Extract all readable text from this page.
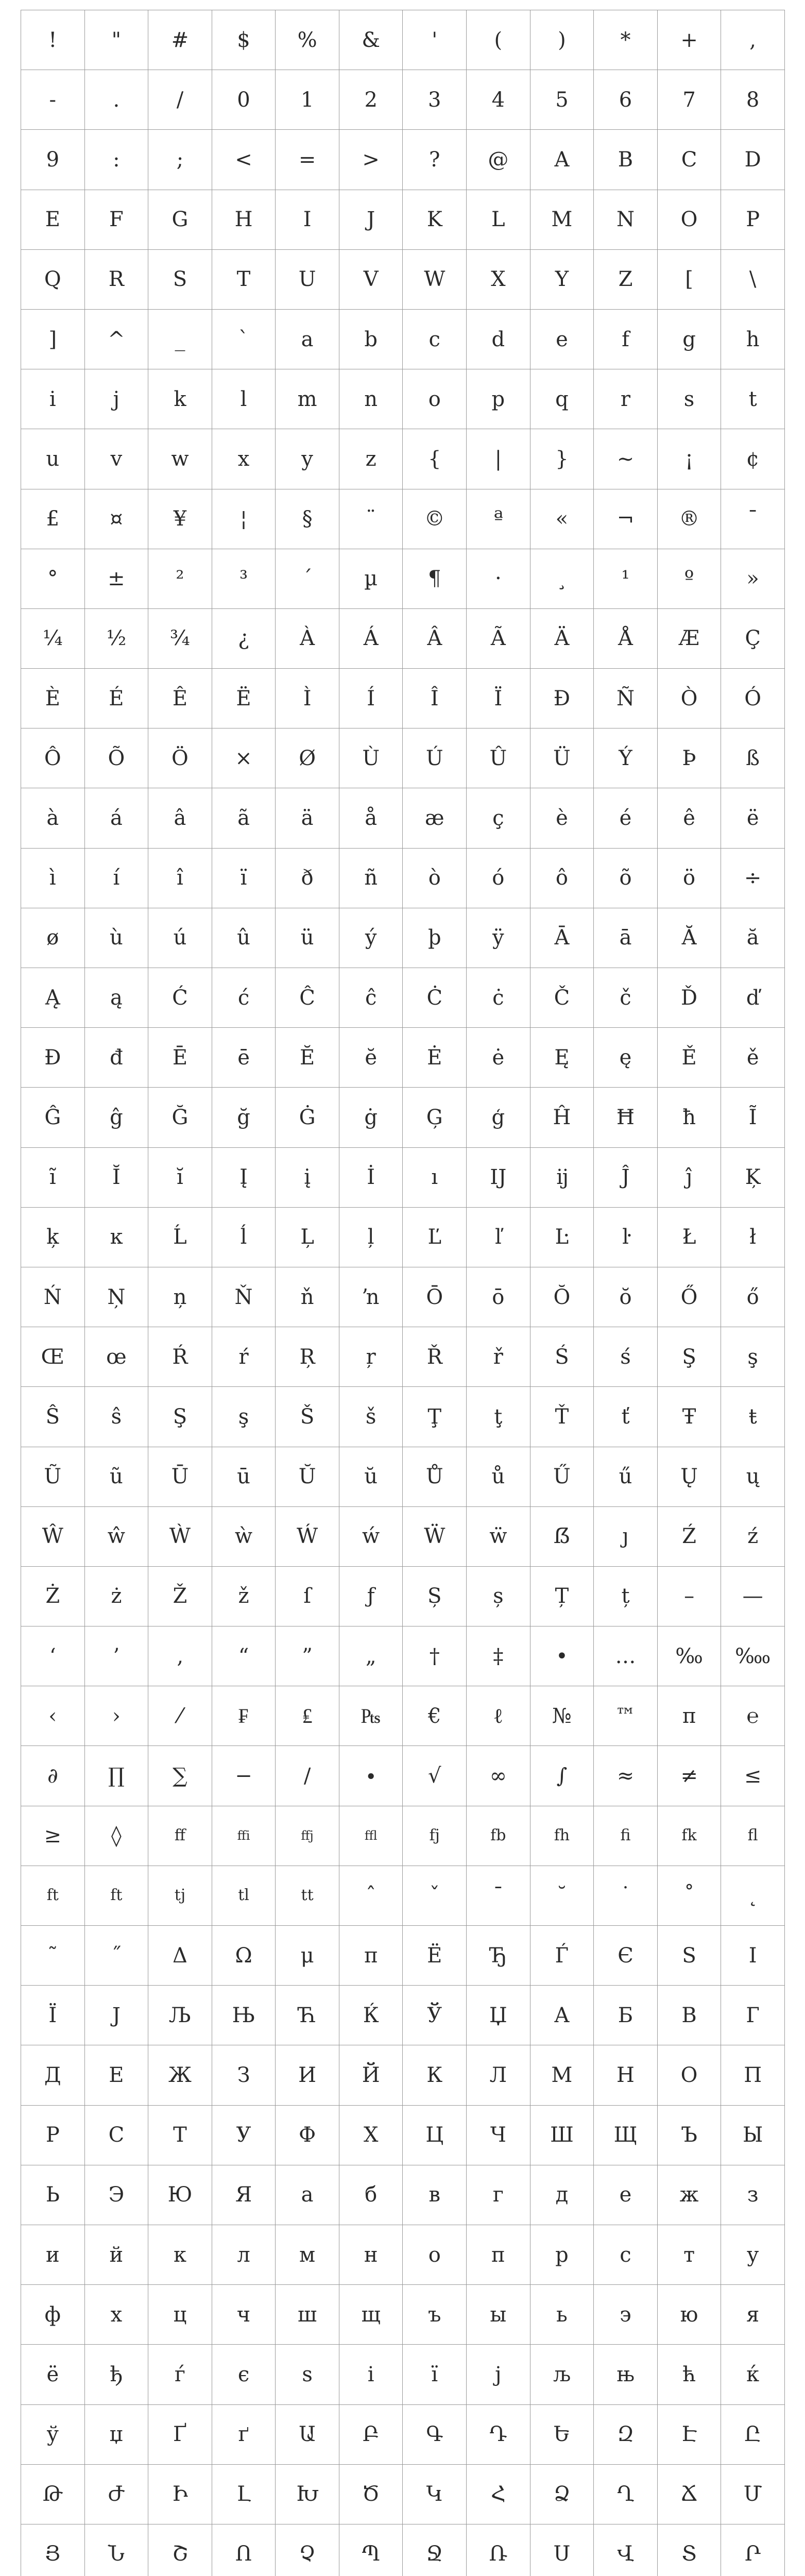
!	"	#	$	%	&	'	(	)	*	+	,
-	.	/	0	1	2	3	4	5	6	7	8
9	:	;	<	=	>	?	@	A	B	C	D
E	F	G	H	I	J	K	L	M	N	O	P
Q	R	S	T	U	V	W	X	Y	Z	[	\
]	^	_	`	a	b	c	d	e	f	g	h
i	j	k	l	m	n	o	p	q	r	s	t
u	v	w	x	y	z	{	|	}	~	¡	¢
£	¤	¥	¦	§	¨	©	ª	«	¬	®	¯
°	±	²	³	´	µ	¶	·	¸	¹	º	»
¼	½	¾	¿	À	Á	Â	Ã	Ä	Å	Æ	Ç
È	É	Ê	Ë	Ì	Í	Î	Ï	Ð	Ñ	Ò	Ó
Ô	Õ	Ö	×	Ø	Ù	Ú	Û	Ü	Ý	Þ	ß
à	á	â	ã	ä	å	æ	ç	è	é	ê	ë
ì	í	î	ï	ð	ñ	ò	ó	ô	õ	ö	÷
ø	ù	ú	û	ü	ý	þ	ÿ	Ā	ā	Ă	ă
Ą	ą	Ć	ć	Ĉ	ĉ	Ċ	ċ	Č	č	Ď	ď
Đ	đ	Ē	ē	Ĕ	ĕ	Ė	ė	Ę	ę	Ě	ě
Ĝ	ĝ	Ğ	ğ	Ġ	ġ	Ģ	ģ	Ĥ	Ħ	ħ	Ĩ
ĩ	Ĭ	ĭ	Į	į	İ	ı	Ĳ	ĳ	Ĵ	ĵ	Ķ
ķ	ĸ	Ĺ	ĺ	Ļ	ļ	Ľ	ľ	Ŀ	ŀ	Ł	ł
Ń	Ņ	ņ	Ň	ň	ŉ	Ō	ō	Ŏ	ŏ	Ő	ő
Œ	œ	Ŕ	ŕ	Ŗ	ŗ	Ř	ř	Ś	ś	Ş	ş
Ŝ	ŝ	Ş	ş	Š	š	Ţ	ţ	Ť	ť	Ŧ	ŧ
Ũ	ũ	Ū	ū	Ŭ	ŭ	Ů	ů	Ű	ű	Ų	ų
Ŵ	ŵ	Ẁ	ẁ	Ẃ	ẃ	Ẅ	ẅ	ẞ	ȷ	Ź	ź
Ż	ż	Ž	ž	ſ	ƒ	Ș	ș	Ț	ț	–	—
‘	’	‚	“	”	„	†	‡	•	…	‰	‱
‹	›	⁄	₣	₤	₧	€	ℓ	№	™	π	℮
∂	∏	∑	−	∕	∙	√	∞	∫	≈	≠	≤
≥	◊	ff	ffi	ffj	ffl	fj	fb	fh	fi	fk	fl
ft	ft	tj	tl	tt	ˆ	ˇ	ˉ	˘	˙	˚	˛
˜	˝	Δ	Ω	μ	π	Ё	Ђ	Ѓ	Є	Ѕ	І
Ї	Ј	Љ	Њ	Ћ	Ќ	Ў	Џ	А	Б	В	Г
Д	Е	Ж	З	И	Й	К	Л	М	Н	О	П
Р	С	Т	У	Ф	Х	Ц	Ч	Ш	Щ	Ъ	Ы
Ь	Э	Ю	Я	а	б	в	г	д	е	ж	з
и	й	к	л	м	н	о	п	р	с	т	у
ф	х	ц	ч	ш	щ	ъ	ы	ь	э	ю	я
ё	ђ	ѓ	є	ѕ	і	ї	ј	љ	њ	ћ	ќ
ў	џ	Ґ	ґ	Ա	Բ	Գ	Դ	Ե	Զ	Է	Ը
Թ	Ժ	Ի	Լ	Խ	Ծ	Կ	Հ	Ձ	Ղ	Ճ	Մ
Յ	Ն	Շ	Ո	Չ	Պ	Ջ	Ռ	Ս	Վ	Տ	Ր
